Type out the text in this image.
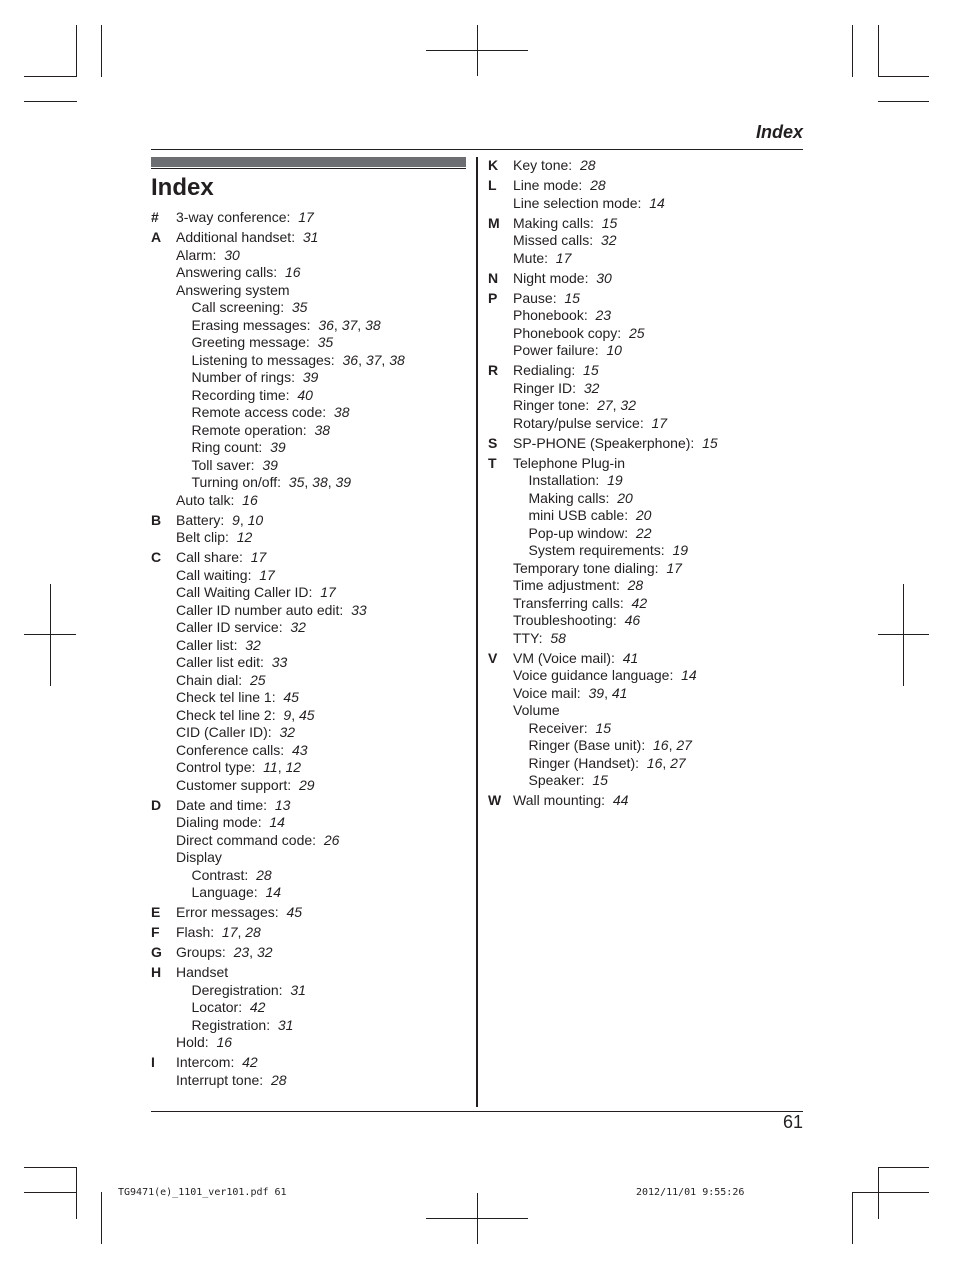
Index
Index
# 3-way conference: 17
A Additional handset: 31
Alarm: 30
Answering calls: 16
Answering system
Call screening: 35
Erasing messages: 36, 37, 38
Greeting message: 35
Listening to messages: 36, 37, 38
Number of rings: 39
Recording time: 40
Remote access code: 38
Remote operation: 38
Ring count: 39
Toll saver: 39
Turning on/off: 35, 38, 39
Auto talk: 16
B Battery: 9, 10
Belt clip: 12
C Call share: 17
Call waiting: 17
Call Waiting Caller ID: 17
Caller ID number auto edit: 33
Caller ID service: 32
Caller list: 32
Caller list edit: 33
Chain dial: 25
Check tel line 1: 45
Check tel line 2: 9, 45
CID (Caller ID): 32
Conference calls: 43
Control type: 11, 12
Customer support: 29
D Date and time: 13
Dialing mode: 14
Direct command code: 26
Display
Contrast: 28
Language: 14
E Error messages: 45
F Flash: 17, 28
G Groups: 23, 32
H Handset
Deregistration: 31
Locator: 42
Registration: 31
Hold: 16
I Intercom: 42
Interrupt tone: 28
K Key tone: 28
L Line mode: 28
Line selection mode: 14
M Making calls: 15
Missed calls: 32
Mute: 17
N Night mode: 30
P Pause: 15
Phonebook: 23
Phonebook copy: 25
Power failure: 10
R Redialing: 15
Ringer ID: 32
Ringer tone: 27, 32
Rotary/pulse service: 17
S SP-PHONE (Speakerphone): 15
T Telephone Plug-in
Installation: 19
Making calls: 20
mini USB cable: 20
Pop-up window: 22
System requirements: 19
Temporary tone dialing: 17
Time adjustment: 28
Transferring calls: 42
Troubleshooting: 46
TTY: 58
V VM (Voice mail): 41
Voice guidance language: 14
Voice mail: 39, 41
Volume
Receiver: 15
Ringer (Base unit): 16, 27
Ringer (Handset): 16, 27
Speaker: 15
W Wall mounting: 44
61
TG9471(e)_1101_ver101.pdf 61	2012/11/01 9:55:26
